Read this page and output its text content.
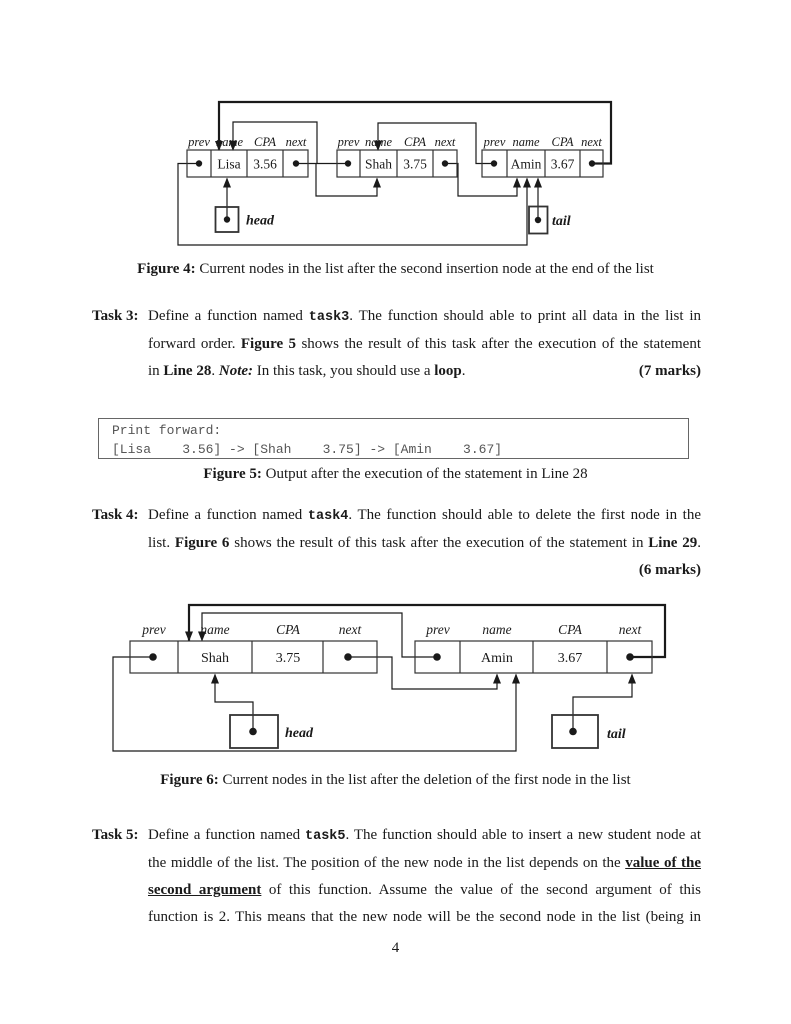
prev name CPA next
Lisa 3.56
prev name CPA next
Shah 3.75
prev name CPA next
Amin 3.67
head	tail
Figure 4: Current nodes in the list after the second insertion node at the end of the list
Task 3: Define a function named task3. The function should able to print all data in the list in
forward order. Figure 5 shows the result of this task after the execution of the statement
in Line 28. Note: In this task, you should use a loop.	(7 marks)
Print forward:
[Lisa    3.56] -> [Shah    3.75] -> [Amin    3.67]
Figure 5: Output after the execution of the statement in Line 28
Task 4: Define a function named task4. The function should able to delete the first node in the
list. Figure 6 shows the result of this task after the execution of the statement in Line 29.
(6 marks)
prev	name	CPA	next
Shah	3.75
prev name	CPA	next
Amin	3.67
head	tail
Figure 6: Current nodes in the list after the deletion of the first node in the list
Task 5: Define a function named task5. The function should able to insert a new student node at
the middle of the list. The position of the new node in the list depends on the value of the
second argument of this function. Assume the value of the second argument of this
function is 2. This means that the new node will be the second node in the list (being in
4
